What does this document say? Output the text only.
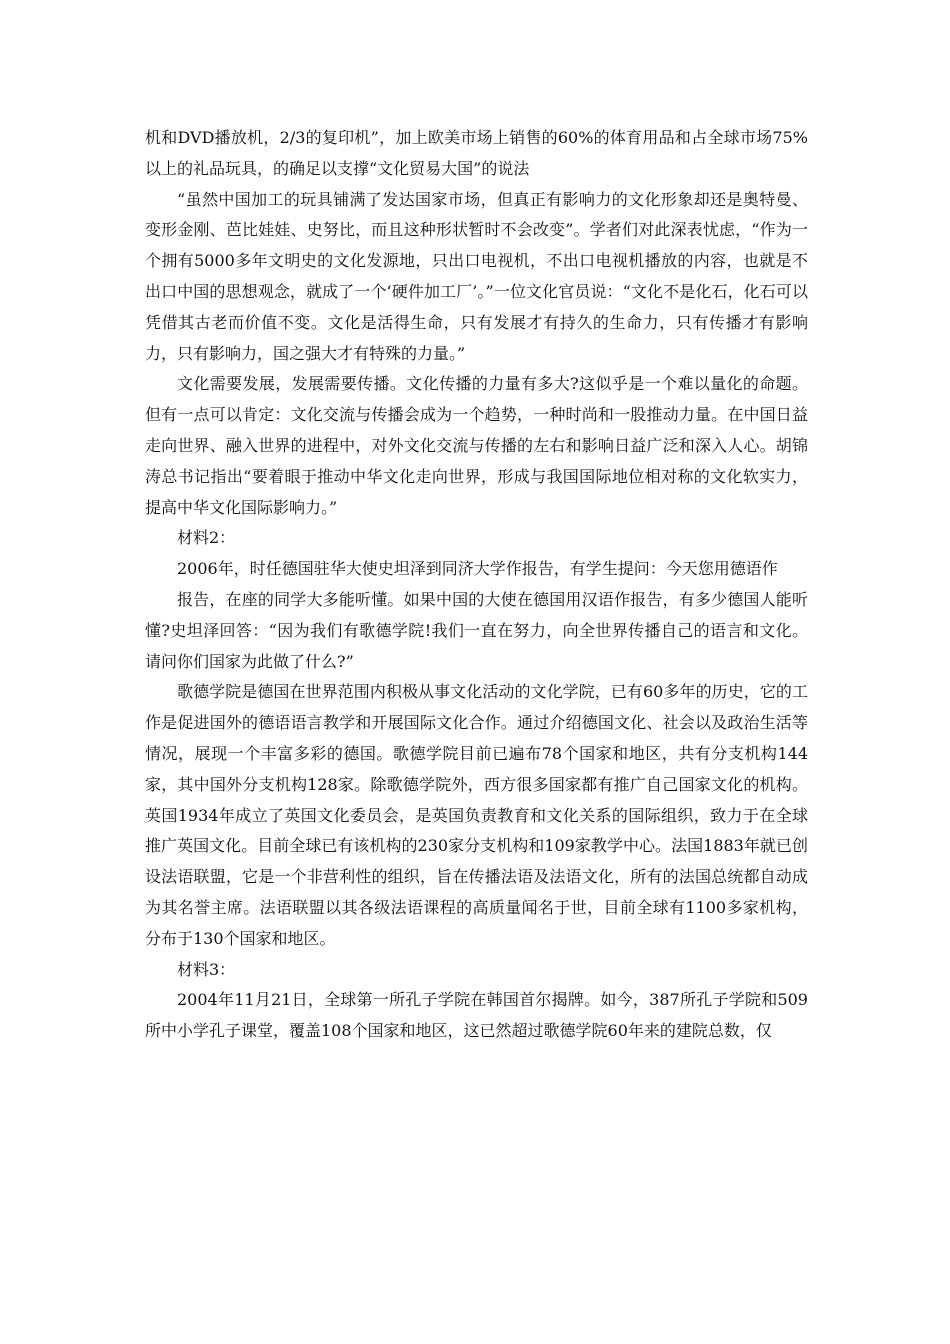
机和DVD播放机，2/3的复印机”，加上欧美市场上销售的60%的体育用品和占全球市场75%以上的礼品玩具，的确足以支撑“文化贸易大国”的说法

“虽然中国加工的玩具铺满了发达国家市场，但真正有影响力的文化形象却还是奥特曼、变形金刚、芭比娃娃、史努比，而且这种形状暂时不会改变”。学者们对此深表忧虑，“作为一个拥有5000多年文明史的文化发源地，只出口电视机，不出口电视机播放的内容，也就是不出口中国的思想观念，就成了一个‘硬件加工厂’。”一位文化官员说：“文化不是化石，化石可以凭借其古老而价值不变。文化是活得生命，只有发展才有持久的生命力，只有传播才有影响力，只有影响力，国之强大才有特殊的力量。”

文化需要发展，发展需要传播。文化传播的力量有多大?这似乎是一个难以量化的命题。但有一点可以肯定：文化交流与传播会成为一个趋势，一种时尚和一股推动力量。在中国日益走向世界、融入世界的进程中，对外文化交流与传播的左右和影响日益广泛和深入人心。胡锦涛总书记指出“要着眼于推动中华文化走向世界，形成与我国国际地位相对称的文化软实力，提高中华文化国际影响力。”

材料2：

2006年，时任德国驻华大使史坦泽到同济大学作报告，有学生提问：今天您用德语作

报告，在座的同学大多能听懂。如果中国的大使在德国用汉语作报告，有多少德国人能听懂?史坦泽回答：“因为我们有歌德学院!我们一直在努力，向全世界传播自己的语言和文化。请问你们国家为此做了什么?”

歌德学院是德国在世界范围内积极从事文化活动的文化学院，已有60多年的历史，它的工作是促进国外的德语语言教学和开展国际文化合作。通过介绍德国文化、社会以及政治生活等情况，展现一个丰富多彩的德国。歌德学院目前已遍布78个国家和地区，共有分支机构144家，其中国外分支机构128家。除歌德学院外，西方很多国家都有推广自己国家文化的机构。英国1934年成立了英国文化委员会，是英国负责教育和文化关系的国际组织，致力于在全球推广英国文化。目前全球已有该机构的230家分支机构和109家教学中心。法国1883年就已创设法语联盟，它是一个非营利性的组织，旨在传播法语及法语文化，所有的法国总统都自动成为其名誉主席。法语联盟以其各级法语课程的高质量闻名于世，目前全球有1100多家机构，分布于130个国家和地区。

材料3：

2004年11月21日，全球第一所孔子学院在韩国首尔揭牌。如今，387所孔子学院和509所中小学孔子课堂，覆盖108个国家和地区，这已然超过歌德学院60年来的建院总数，仅
